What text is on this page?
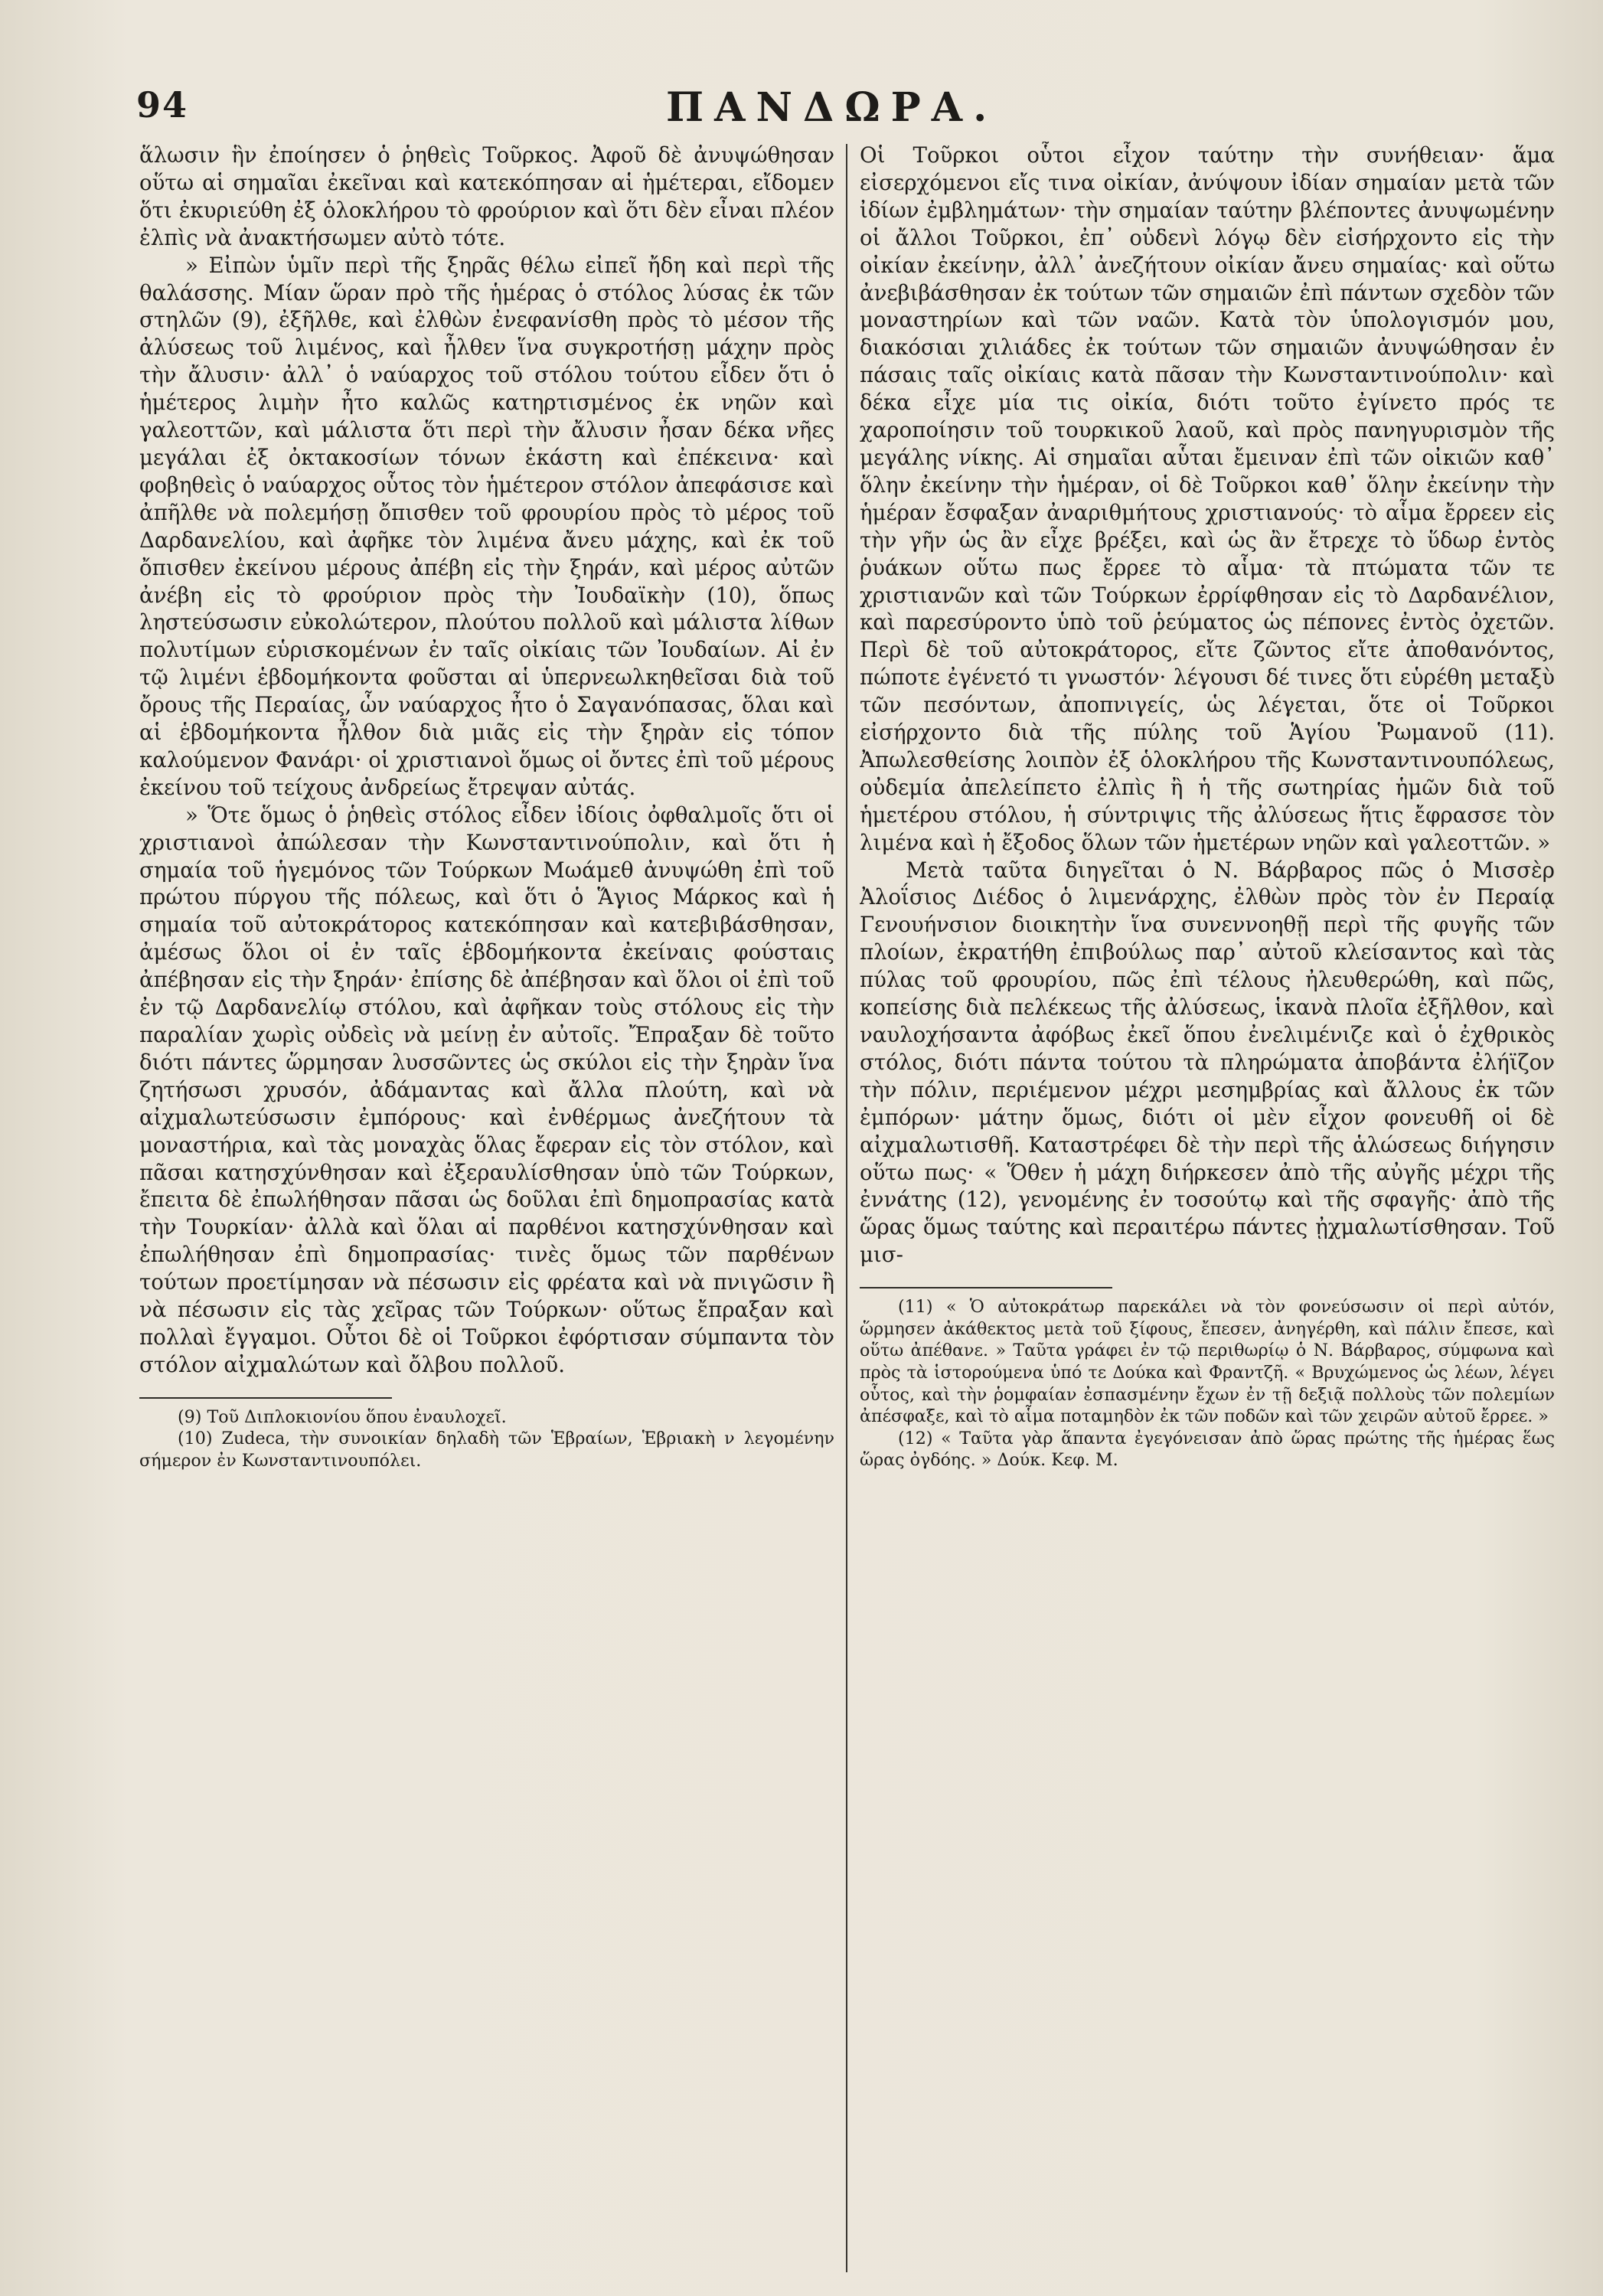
94	ΠΑΝΔΩΡΑ.

ἅλωσιν ἣν ἐποίησεν ὁ ῥηθεὶς Τοῦρκος. Ἀφοῦ δὲ ἀνυψώθησαν οὕτω αἱ σημαῖαι ἐκεῖναι καὶ κατεκόπησαν αἱ ἡμέτεραι, εἴδομεν ὅτι ἐκυριεύθη ἐξ ὁλοκλήρου τὸ φρούριον καὶ ὅτι δὲν εἶναι πλέον ἐλπὶς νὰ ἀνακτήσωμεν αὐτὸ τότε.

» Εἰπὼν ὑμῖν περὶ τῆς ξηρᾶς θέλω εἰπεῖ ἤδη καὶ περὶ τῆς θαλάσσης. Μίαν ὥραν πρὸ τῆς ἡμέρας ὁ στόλος λύσας ἐκ τῶν στηλῶν (9), ἐξῆλθε, καὶ ἐλθὼν ἐνεφανίσθη πρὸς τὸ μέσον τῆς ἀλύσεως τοῦ λιμένος, καὶ ἦλθεν ἵνα συγκροτήσῃ μάχην πρὸς τὴν ἄλυσιν· ἀλλ᾽ ὁ ναύαρχος τοῦ στόλου τούτου εἶδεν ὅτι ὁ ἡμέτερος λιμὴν ἦτο καλῶς κατηρτισμένος ἐκ νηῶν καὶ γαλεοττῶν, καὶ μάλιστα ὅτι περὶ τὴν ἄλυσιν ἦσαν δέκα νῆες μεγάλαι ἐξ ὀκτακοσίων τόνων ἑκάστη καὶ ἐπέκεινα· καὶ φοβηθεὶς ὁ ναύαρχος οὗτος τὸν ἡμέτερον στόλον ἀπεφάσισε καὶ ἀπῆλθε νὰ πολεμήσῃ ὄπισθεν τοῦ φρουρίου πρὸς τὸ μέρος τοῦ Δαρδανελίου, καὶ ἀφῆκε τὸν λιμένα ἄνευ μάχης, καὶ ἐκ τοῦ ὄπισθεν ἐκείνου μέρους ἀπέβη εἰς τὴν ξηράν, καὶ μέρος αὐτῶν ἀνέβη εἰς τὸ φρούριον πρὸς τὴν Ἰουδαϊκὴν (10), ὅπως ληστεύσωσιν εὐκολώτερον, πλούτου πολλοῦ καὶ μάλιστα λίθων πολυτίμων εὑρισκομένων ἐν ταῖς οἰκίαις τῶν Ἰουδαίων. Αἱ ἐν τῷ λιμένι ἑβδομήκοντα φοῦσται αἱ ὑπερνεωλκηθεῖσαι διὰ τοῦ ὄρους τῆς Περαίας, ὧν ναύαρχος ἦτο ὁ Σαγανόπασας, ὅλαι καὶ αἱ ἑβδομήκοντα ἦλθον διὰ μιᾶς εἰς τὴν ξηρὰν εἰς τόπον καλούμενον Φανάρι· οἱ χριστιανοὶ ὅμως οἱ ὄντες ἐπὶ τοῦ μέρους ἐκείνου τοῦ τείχους ἀνδρείως ἔτρεψαν αὐτάς.

» Ὅτε ὅμως ὁ ῥηθεὶς στόλος εἶδεν ἰδίοις ὀφθαλμοῖς ὅτι οἱ χριστιανοὶ ἀπώλεσαν τὴν Κωνσταντινούπολιν, καὶ ὅτι ἡ σημαία τοῦ ἡγεμόνος τῶν Τούρκων Μωάμεθ ἀνυψώθη ἐπὶ τοῦ πρώτου πύργου τῆς πόλεως, καὶ ὅτι ὁ Ἅγιος Μάρκος καὶ ἡ σημαία τοῦ αὐτοκράτορος κατεκόπησαν καὶ κατεβιβάσθησαν, ἀμέσως ὅλοι οἱ ἐν ταῖς ἑβδομήκοντα ἐκείναις φούσταις ἀπέβησαν εἰς τὴν ξηράν· ἐπίσης δὲ ἀπέβησαν καὶ ὅλοι οἱ ἐπὶ τοῦ ἐν τῷ Δαρδανελίῳ στόλου, καὶ ἀφῆκαν τοὺς στόλους εἰς τὴν παραλίαν χωρὶς οὐδεὶς νὰ μείνῃ ἐν αὐτοῖς. Ἔπραξαν δὲ τοῦτο διότι πάντες ὥρμησαν λυσσῶντες ὡς σκύλοι εἰς τὴν ξηρὰν ἵνα ζητήσωσι χρυσόν, ἀδάμαντας καὶ ἄλλα πλούτη, καὶ νὰ αἰχμαλωτεύσωσιν ἐμπόρους· καὶ ἐνθέρμως ἀνεζήτουν τὰ μοναστήρια, καὶ τὰς μοναχὰς ὅλας ἔφεραν εἰς τὸν στόλον, καὶ πᾶσαι κατησχύνθησαν καὶ ἐξεραυλίσθησαν ὑπὸ τῶν Τούρκων, ἔπειτα δὲ ἐπωλήθησαν πᾶσαι ὡς δοῦλαι ἐπὶ δημοπρασίας κατὰ τὴν Τουρκίαν· ἀλλὰ καὶ ὅλαι αἱ παρθένοι κατησχύνθησαν καὶ ἐπωλήθησαν ἐπὶ δημοπρασίας· τινὲς ὅμως τῶν παρθένων τούτων προετίμησαν νὰ πέσωσιν εἰς φρέατα καὶ νὰ πνιγῶσιν ἢ νὰ πέσωσιν εἰς τὰς χεῖρας τῶν Τούρκων· οὕτως ἔπραξαν καὶ πολλαὶ ἔγγαμοι. Οὗτοι δὲ οἱ Τοῦρκοι ἐφόρτισαν σύμπαντα τὸν στόλον αἰχμαλώτων καὶ ὄλβου πολλοῦ.

(9) Τοῦ Διπλοκιονίου ὅπου ἐναυλοχεῖ.

(10) Zudeca, τὴν συνοικίαν δηλαδὴ τῶν Ἑβραίων, Ἑβριακὴ ν λεγομένην σήμερον ἐν Κωνσταντινουπόλει.

Οἱ Τοῦρκοι οὗτοι εἶχον ταύτην τὴν συνήθειαν· ἅμα εἰσερχόμενοι εἴς τινα οἰκίαν, ἀνύψουν ἰδίαν σημαίαν μετὰ τῶν ἰδίων ἐμβλημάτων· τὴν σημαίαν ταύτην βλέποντες ἀνυψωμένην οἱ ἄλλοι Τοῦρκοι, ἐπ᾽ οὐδενὶ λόγῳ δὲν εἰσήρχοντο εἰς τὴν οἰκίαν ἐκείνην, ἀλλ᾽ ἀνεζήτουν οἰκίαν ἄνευ σημαίας· καὶ οὕτω ἀνεβιβάσθησαν ἐκ τούτων τῶν σημαιῶν ἐπὶ πάντων σχεδὸν τῶν μοναστηρίων καὶ τῶν ναῶν. Κατὰ τὸν ὑπολογισμόν μου, διακόσιαι χιλιάδες ἐκ τούτων τῶν σημαιῶν ἀνυψώθησαν ἐν πάσαις ταῖς οἰκίαις κατὰ πᾶσαν τὴν Κωνσταντινούπολιν· καὶ δέκα εἶχε μία τις οἰκία, διότι τοῦτο ἐγίνετο πρός τε χαροποίησιν τοῦ τουρκικοῦ λαοῦ, καὶ πρὸς πανηγυρισμὸν τῆς μεγάλης νίκης. Αἱ σημαῖαι αὗται ἔμειναν ἐπὶ τῶν οἰκιῶν καθ᾽ ὅλην ἐκείνην τὴν ἡμέραν, οἱ δὲ Τοῦρκοι καθ᾽ ὅλην ἐκείνην τὴν ἡμέραν ἔσφαξαν ἀναριθμήτους χριστιανούς· τὸ αἷμα ἔρρεεν εἰς τὴν γῆν ὡς ἂν εἶχε βρέξει, καὶ ὡς ἂν ἔτρεχε τὸ ὕδωρ ἐντὸς ῥυάκων οὕτω πως ἔρρεε τὸ αἷμα· τὰ πτώματα τῶν τε χριστιανῶν καὶ τῶν Τούρκων ἐρρίφθησαν εἰς τὸ Δαρδανέλιον, καὶ παρεσύροντο ὑπὸ τοῦ ῥεύματος ὡς πέπονες ἐντὸς ὀχετῶν. Περὶ δὲ τοῦ αὐτοκράτορος, εἴτε ζῶντος εἴτε ἀποθανόντος, πώποτε ἐγένετό τι γνωστόν· λέγουσι δέ τινες ὅτι εὑρέθη μεταξὺ τῶν πεσόντων, ἀποπνιγείς, ὡς λέγεται, ὅτε οἱ Τοῦρκοι εἰσήρχοντο διὰ τῆς πύλης τοῦ Ἁγίου Ῥωμανοῦ (11). Ἀπωλεσθείσης λοιπὸν ἐξ ὁλοκλήρου τῆς Κωνσταντινουπόλεως, οὐδεμία ἀπελείπετο ἐλπὶς ἢ ἡ τῆς σωτηρίας ἡμῶν διὰ τοῦ ἡμετέρου στόλου, ἡ σύντριψις τῆς ἀλύσεως ἥτις ἔφρασσε τὸν λιμένα καὶ ἡ ἔξοδος ὅλων τῶν ἡμετέρων νηῶν καὶ γαλεοττῶν. »

Μετὰ ταῦτα διηγεῖται ὁ Ν. Βάρβαρος πῶς ὁ Μισσὲρ Ἀλοΐσιος Διέδος ὁ λιμενάρχης, ἐλθὼν πρὸς τὸν ἐν Περαίᾳ Γενουήνσιον διοικητὴν ἵνα συνεννοηθῇ περὶ τῆς φυγῆς τῶν πλοίων, ἐκρατήθη ἐπιβούλως παρ᾽ αὐτοῦ κλείσαντος καὶ τὰς πύλας τοῦ φρουρίου, πῶς ἐπὶ τέλους ἠλευθερώθη, καὶ πῶς, κοπείσης διὰ πελέκεως τῆς ἀλύσεως, ἱκανὰ πλοῖα ἐξῆλθον, καὶ ναυλοχήσαντα ἀφόβως ἐκεῖ ὅπου ἐνελιμένιζε καὶ ὁ ἐχθρικὸς στόλος, διότι πάντα τούτου τὰ πληρώματα ἀποβάντα ἐλήϊζον τὴν πόλιν, περιέμενον μέχρι μεσημβρίας καὶ ἄλλους ἐκ τῶν ἐμπόρων· μάτην ὅμως, διότι οἱ μὲν εἶχον φονευθῆ οἱ δὲ αἰχμαλωτισθῆ. Καταστρέφει δὲ τὴν περὶ τῆς ἁλώσεως διήγησιν οὕτω πως· « Ὅθεν ἡ μάχη διήρκεσεν ἀπὸ τῆς αὐγῆς μέχρι τῆς ἐννάτης (12), γενομένης ἐν τοσούτῳ καὶ τῆς σφαγῆς· ἀπὸ τῆς ὥρας ὅμως ταύτης καὶ περαιτέρω πάντες ᾐχμαλωτίσθησαν. Τοῦ μισ-

(11) « Ὁ αὐτοκράτωρ παρεκάλει νὰ τὸν φονεύσωσιν οἱ περὶ αὐτόν, ὥρμησεν ἀκάθεκτος μετὰ τοῦ ξίφους, ἔπεσεν, ἀνηγέρθη, καὶ πάλιν ἔπεσε, καὶ οὕτω ἀπέθανε. » Ταῦτα γράφει ἐν τῷ περιθωρίῳ ὁ Ν. Βάρβαρος, σύμφωνα καὶ πρὸς τὰ ἱστορούμενα ὑπό τε Δούκα καὶ Φραντζῆ. « Βρυχώμενος ὡς λέων, λέγει οὗτος, καὶ τὴν ῥομφαίαν ἐσπασμένην ἔχων ἐν τῇ δεξιᾷ πολλοὺς τῶν πολεμίων ἀπέσφαξε, καὶ τὸ αἷμα ποταμηδὸν ἐκ τῶν ποδῶν καὶ τῶν χειρῶν αὐτοῦ ἔρρεε. »

(12) « Ταῦτα γὰρ ἅπαντα ἐγεγόνεισαν ἀπὸ ὥρας πρώτης τῆς ἡμέρας ἕως ὥρας ὀγδόης. » Δούκ. Κεφ. Μ.
